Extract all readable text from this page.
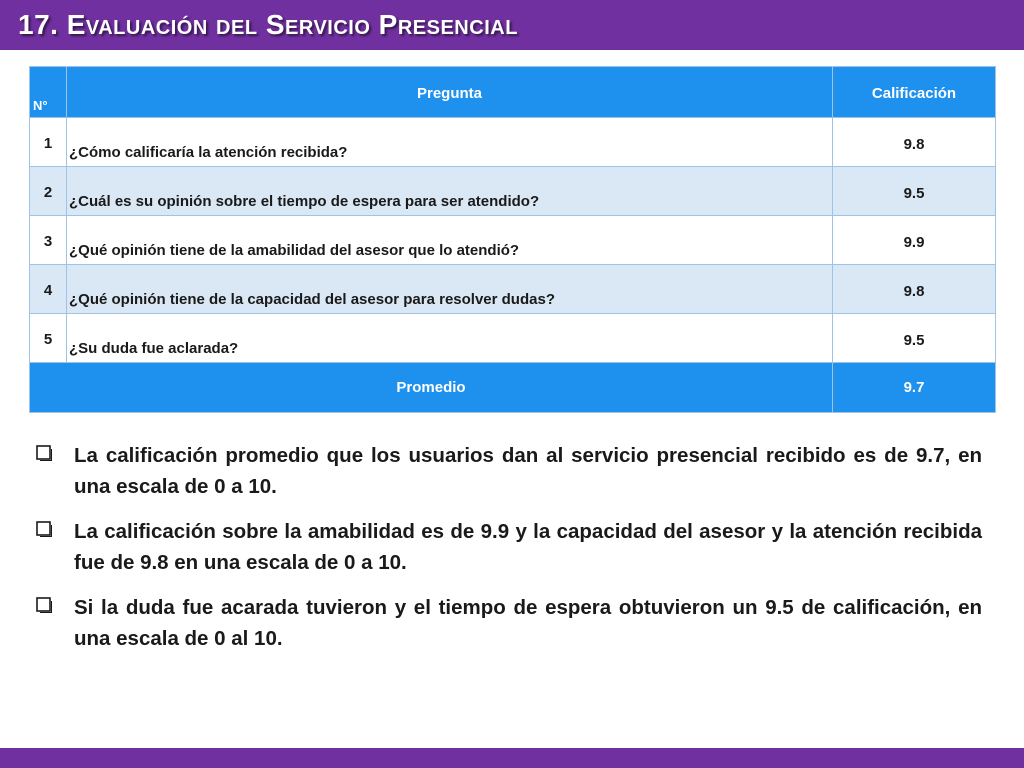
17. Evaluación del Servicio Presencial
N°	Pregunta	Calificación
1	¿Cómo calificaría la atención recibida?	9.8
2	¿Cuál es su opinión sobre el tiempo de espera para ser atendido?	9.5
3	¿Qué opinión tiene de la amabilidad del asesor que lo atendió?	9.9
4	¿Qué opinión tiene de la capacidad del asesor para resolver dudas?	9.8
5	¿Su duda fue aclarada?	9.5
Promedio		9.7
La calificación promedio que los usuarios dan al servicio presencial recibido es de 9.7, en una escala de 0 a 10.
La calificación sobre la amabilidad es de 9.9 y la capacidad del asesor y la atención recibida fue de 9.8 en una escala de 0 a 10.
Si la duda fue acarada tuvieron y el tiempo de espera obtuvieron un 9.5 de calificación, en una escala de 0 al 10.
